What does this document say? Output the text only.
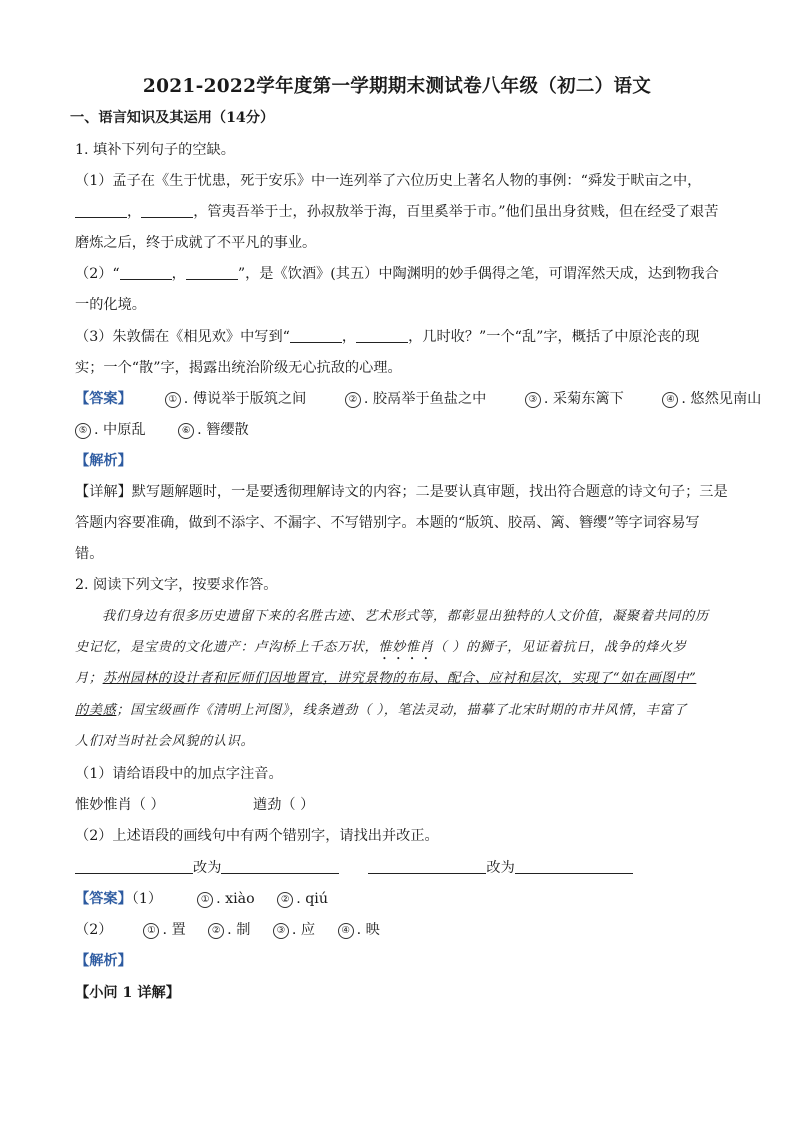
2021-2022学年度第一学期期末测试卷八年级（初二）语文
一、语言知识及其运用（14分）
1. 填补下列句子的空缺。
（1）孟子在《生于忧患，死于安乐》中一连列举了六位历史上著名人物的事例：“舜发于畎亩之中，
，	，管夷吾举于士，孙叔敖举于海，百里奚举于市。”他们虽出身贫贱，但在经受了艰苦
磨炼之后，终于成就了不平凡的事业。
（2）“	，	”，是《饮酒》(其五）中陶渊明的妙手偶得之笔，可谓浑然天成，达到物我合
一的化境。
（3）朱敦儒在《相见欢》中写到“	，	，几时收？”一个“乱”字，概括了中原沦丧的现
实；一个“散”字，揭露出统治阶级无心抗敌的心理。
【答案】	① . 傅说举于版筑之间	② . 胶鬲举于鱼盐之中	③ . 采菊东篱下	④ . 悠然见南山
⑤ . 中原乱	⑥ . 簪缨散
【解析】
【详解】默写题解题时，一是要透彻理解诗文的内容；二是要认真审题，找出符合题意的诗文句子；三是
答题内容要准确，做到不添字、不漏字、不写错别字。本题的“版筑、胶鬲、篱、簪缨”等字词容易写
错。
2. 阅读下列文字，按要求作答。
我们身边有很多历史遗留下来的名胜古迹、艺术形式等，都彰显出独特的人文价值，凝聚着共同的历
史记忆，是宝贵的文化遗产：卢沟桥上千态万状，惟妙惟肖（ ）的狮子，见证着抗日，战争的烽火岁
月；苏州园林的设计者和匠师们因地置宜，讲究景物的布局、配合、应衬和层次，实现了“如在画图中”
的美感；国宝级画作《清明上河图》，线条遒劲（ ），笔法灵动，描摹了北宋时期的市井风情，丰富了
人们对当时社会风貌的认识。
（1）请给语段中的加点字注音。
惟妙惟肖（ ）	遒劲（ ）
（2）上述语段的画线句中有两个错别字，请找出并改正。
改为	改为
【答案】（1）	① . xiào	② . qiú
（2）	① . 置	② . 制	③ . 应	④ . 映
【解析】
【小问 1 详解】
